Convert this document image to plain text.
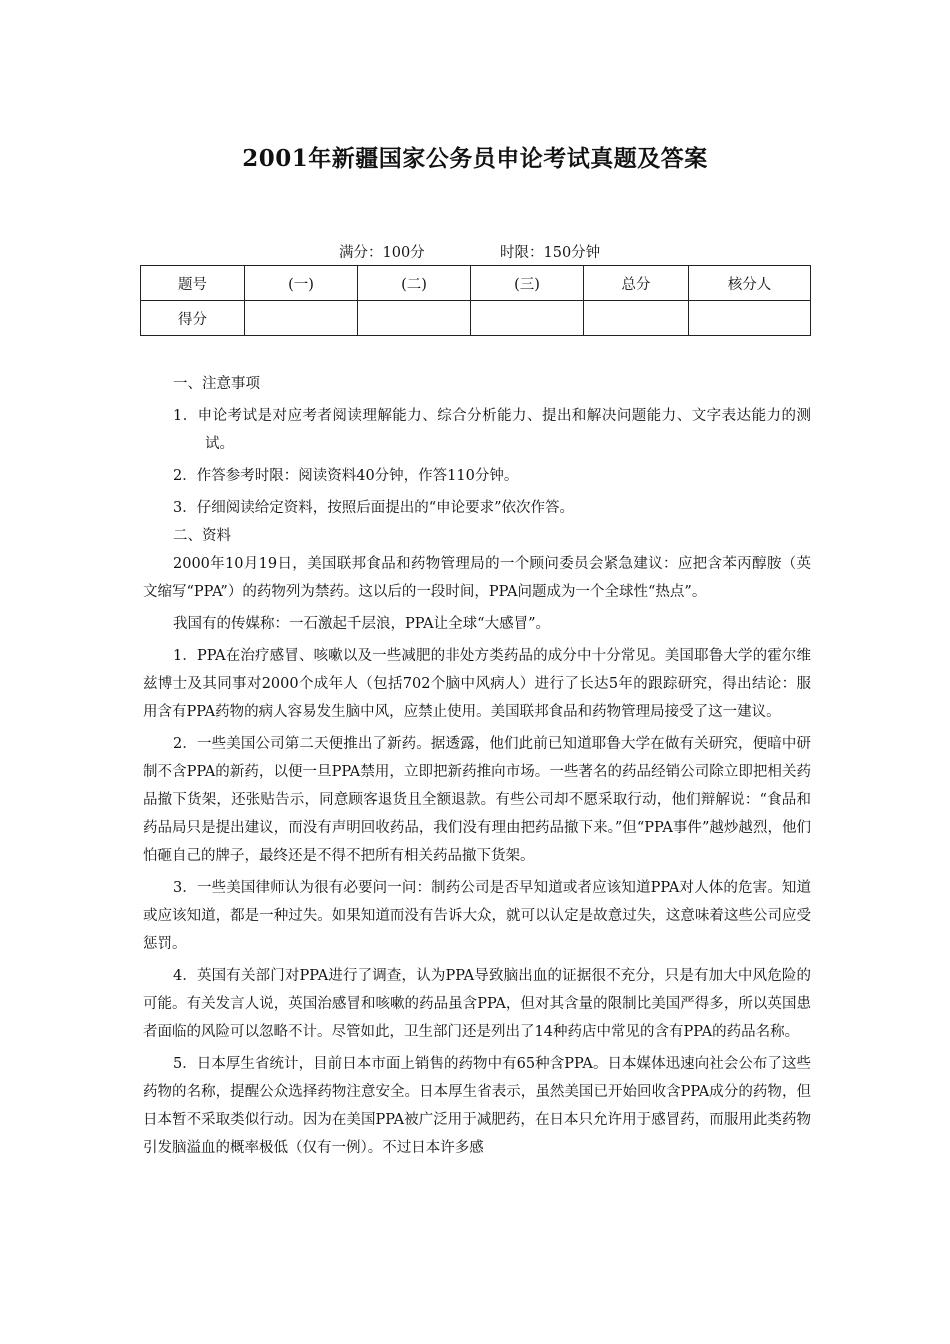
2001年新疆国家公务员申论考试真题及答案
满分：100分	时限：150分钟
题号	(一)	(二)	(三)	总分	核分人
得分					

一、注意事项

1．申论考试是对应考者阅读理解能力、综合分析能力、提出和解决问题能力、文字表达能力的测试。

2．作答参考时限：阅读资料40分钟，作答110分钟。

3．仔细阅读给定资料，按照后面提出的“申论要求”依次作答。

二、资料

2000年10月19日，美国联邦食品和药物管理局的一个顾问委员会紧急建议：应把含苯丙醇胺（英文缩写“PPA”）的药物列为禁药。这以后的一段时间，PPA问题成为一个全球性“热点”。

我国有的传媒称：一石激起千层浪，PPA让全球“大感冒”。

1．PPA在治疗感冒、咳嗽以及一些减肥的非处方类药品的成分中十分常见。美国耶鲁大学的霍尔维兹博士及其同事对2000个成年人（包括702个脑中风病人）进行了长达5年的跟踪研究，得出结论：服用含有PPA药物的病人容易发生脑中风，应禁止使用。美国联邦食品和药物管理局接受了这一建议。

2．一些美国公司第二天便推出了新药。据透露，他们此前已知道耶鲁大学在做有关研究，便暗中研制不含PPA的新药，以便一旦PPA禁用，立即把新药推向市场。一些著名的药品经销公司除立即把相关药品撤下货架，还张贴告示，同意顾客退货且全额退款。有些公司却不愿采取行动，他们辩解说：“食品和药品局只是提出建议，而没有声明回收药品，我们没有理由把药品撤下来。”但“PPA事件”越炒越烈，他们怕砸自己的牌子，最终还是不得不把所有相关药品撤下货架。

3．一些美国律师认为很有必要问一问：制药公司是否早知道或者应该知道PPA对人体的危害。知道或应该知道，都是一种过失。如果知道而没有告诉大众，就可以认定是故意过失，这意味着这些公司应受惩罚。

4．英国有关部门对PPA进行了调查，认为PPA导致脑出血的证据很不充分，只是有加大中风危险的可能。有关发言人说，英国治感冒和咳嗽的药品虽含PPA，但对其含量的限制比美国严得多，所以英国患者面临的风险可以忽略不计。尽管如此，卫生部门还是列出了14种药店中常见的含有PPA的药品名称。

5．日本厚生省统计，目前日本市面上销售的药物中有65种含PPA。日本媒体迅速向社会公布了这些药物的名称，提醒公众选择药物注意安全。日本厚生省表示，虽然美国已开始回收含PPA成分的药物，但日本暂不采取类似行动。因为在美国PPA被广泛用于减肥药，在日本只允许用于感冒药，而服用此类药物引发脑溢血的概率极低（仅有一例）。不过日本许多感
